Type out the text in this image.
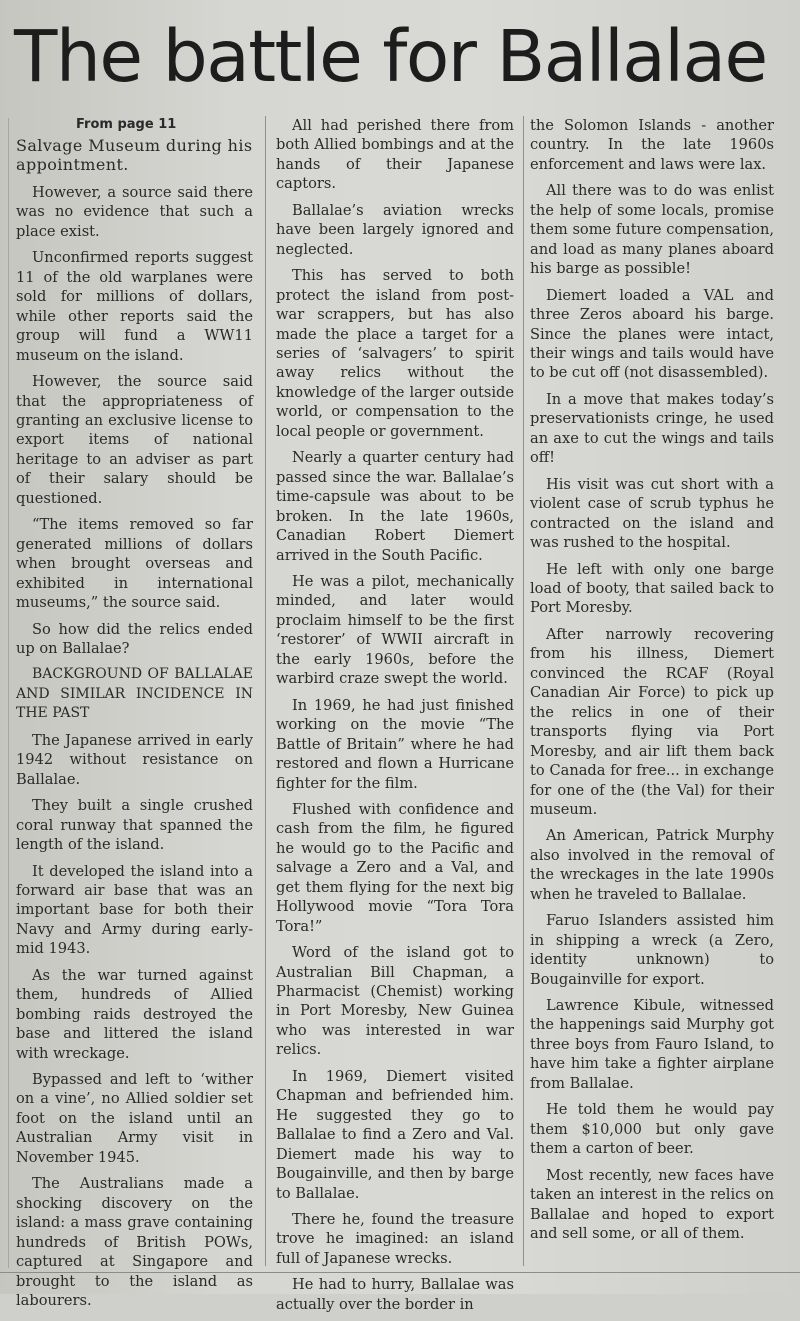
The battle for Ballalae
From page 11

Salvage Museum during his appointment.

However, a source said there was no evidence that such a place exist.

Unconfirmed reports suggest 11 of the old warplanes were sold for millions of dollars, while other reports said the group will fund a WW11 museum on the island.

However, the source said that the appropriateness of granting an exclusive license to export items of national heritage to an adviser as part of their salary should be questioned.

“The items removed so far generated millions of dollars when brought overseas and exhibited in international museums,” the source said.

So how did the relics ended up on Ballalae?

BACKGROUND OF BALLALAE AND SIMILAR INCIDENCE IN THE PAST

The Japanese arrived in early 1942 without resistance on Ballalae.

They built a single crushed coral runway that spanned the length of the island.

It developed the island into a forward air base that was an important base for both their Navy and Army during early-mid 1943.

As the war turned against them, hundreds of Allied bombing raids destroyed the base and littered the island with wreckage.

Bypassed and left to ‘wither on a vine’, no Allied soldier set foot on the island until an Australian Army visit in November 1945.

The Australians made a shocking discovery on the island: a mass grave containing hundreds of British POWs, captured at Singapore and brought to the island as labourers.

All had perished there from both Allied bombings and at the hands of their Japanese captors.

Ballalae’s aviation wrecks have been largely ignored and neglected.

This has served to both protect the island from post-war scrappers, but has also made the place a target for a series of ‘salvagers’ to spirit away relics without the knowledge of the larger outside world, or compensation to the local people or government.

Nearly a quarter century had passed since the war. Ballalae’s time-capsule was about to be broken. In the late 1960s, Canadian Robert Diemert arrived in the South Pacific.

He was a pilot, mechanically minded, and later would proclaim himself to be the first ‘restorer’ of WWII aircraft in the early 1960s, before the warbird craze swept the world.

In 1969, he had just finished working on the movie “The Battle of Britain” where he had restored and flown a Hurricane fighter for the film.

Flushed with confidence and cash from the film, he figured he would go to the Pacific and salvage a Zero and a Val, and get them flying for the next big Hollywood movie “Tora Tora Tora!”

Word of the island got to Australian Bill Chapman, a Pharmacist (Chemist) working in Port Moresby, New Guinea who was interested in war relics.

In 1969, Diemert visited Chapman and befriended him. He suggested they go to Ballalae to find a Zero and Val. Diemert made his way to Bougainville, and then by barge to Ballalae.

There he, found the treasure trove he imagined: an island full of Japanese wrecks.

He had to hurry, Ballalae was actually over the border in

the Solomon Islands - another country. In the late 1960s enforcement and laws were lax.

All there was to do was enlist the help of some locals, promise them some future compensation, and load as many planes aboard his barge as possible!

Diemert loaded a VAL and three Zeros aboard his barge. Since the planes were intact, their wings and tails would have to be cut off (not disassembled).

In a move that makes today’s preservationists cringe, he used an axe to cut the wings and tails off!

His visit was cut short with a violent case of scrub typhus he contracted on the island and was rushed to the hospital.

He left with only one barge load of booty, that sailed back to Port Moresby.

After narrowly recovering from his illness, Diemert convinced the RCAF (Royal Canadian Air Force) to pick up the relics in one of their transports flying via Port Moresby, and air lift them back to Canada for free... in exchange for one of the (the Val) for their museum.

An American, Patrick Murphy also involved in the removal of the wreckages in the late 1990s when he traveled to Ballalae.

Faruo Islanders assisted him in shipping a wreck (a Zero, identity unknown) to Bougainville for export.

Lawrence Kibule, witnessed the happenings said Murphy got three boys from Fauro Island, to have him take a fighter airplane from Ballalae.

He told them he would pay them $10,000 but only gave them a carton of beer.

Most recently, new faces have taken an interest in the relics on Ballalae and hoped to export and sell some, or all of them.
